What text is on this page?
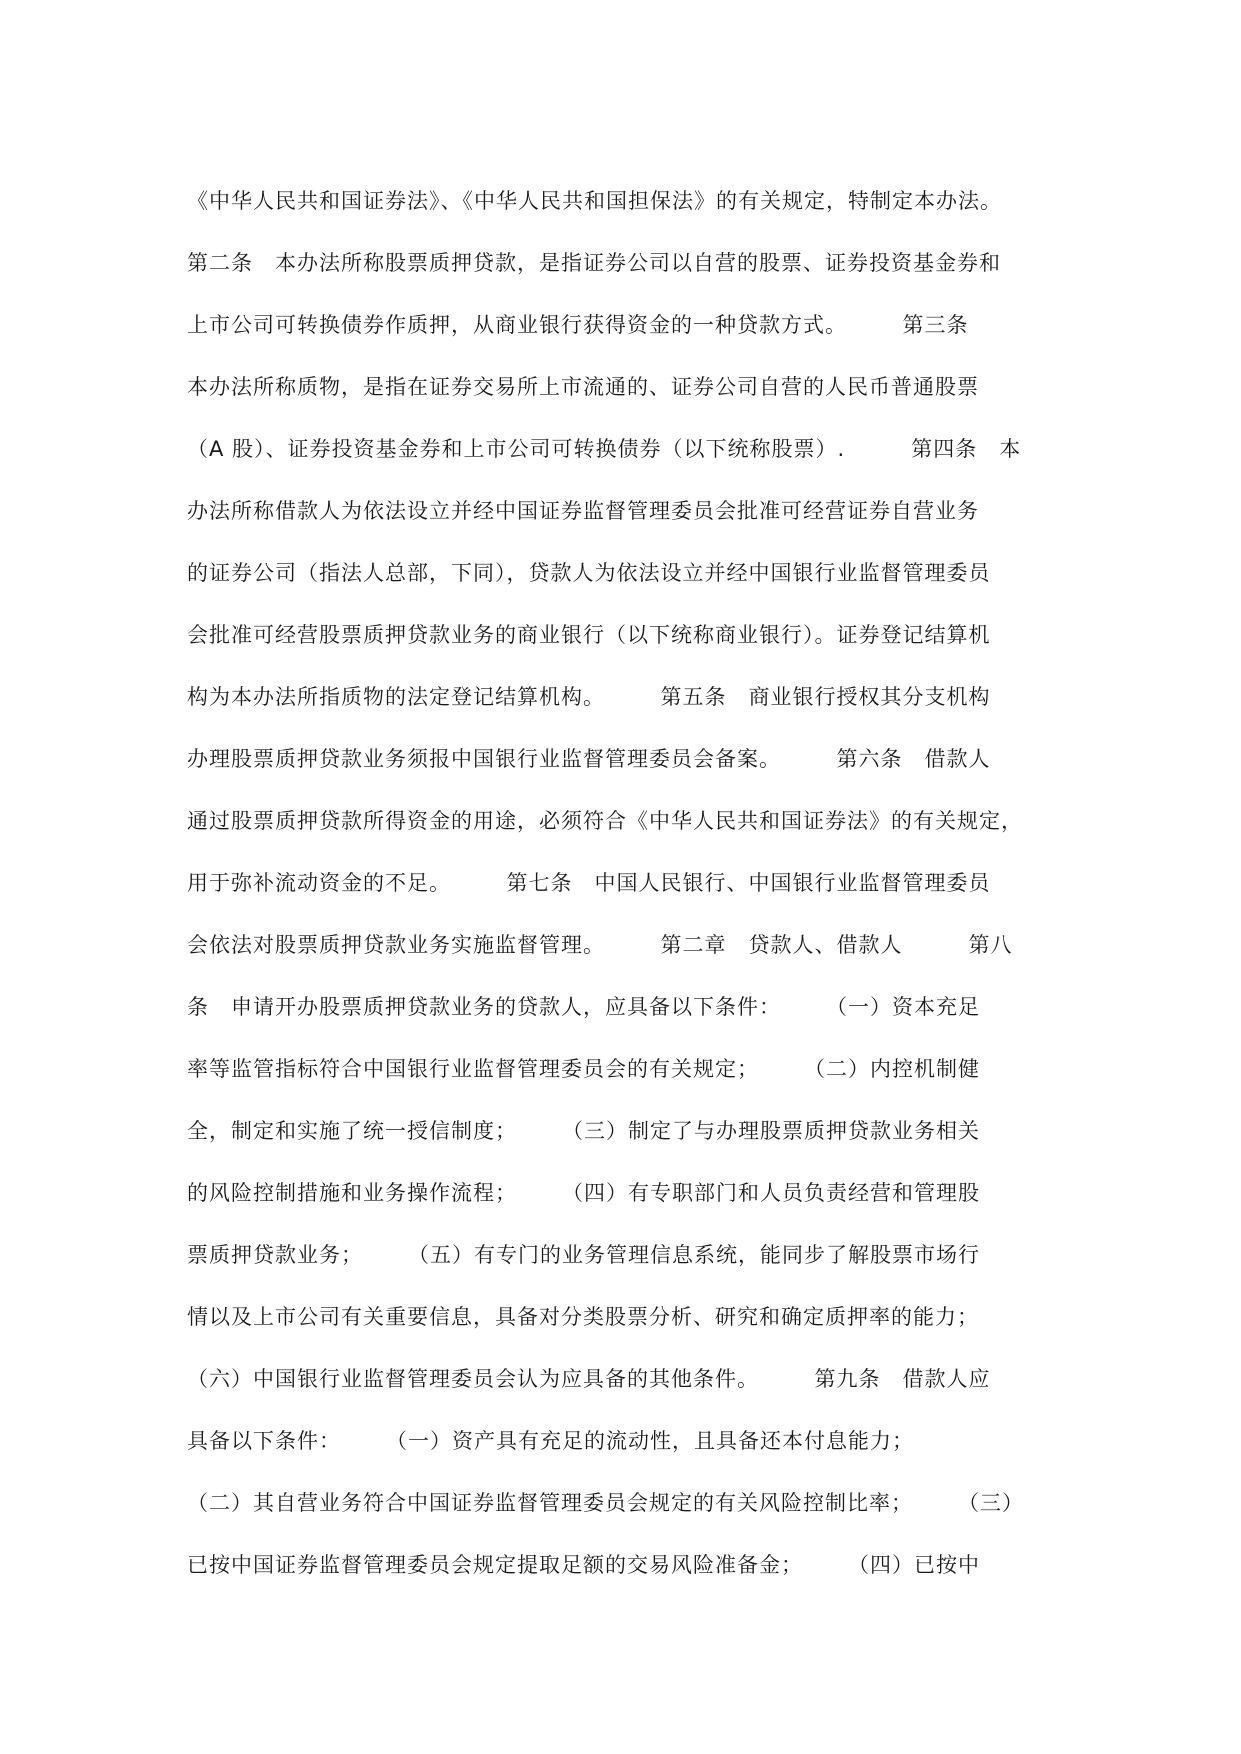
《中华人民共和国证券法》、《中华人民共和国担保法》的有关规定，特制定本办法。
第二条　本办法所称股票质押贷款，是指证券公司以自营的股票、证券投资基金券和
上市公司可转换债券作质押，从商业银行获得资金的一种贷款方式。　　　第三条
本办法所称质物，是指在证券交易所上市流通的、证券公司自营的人民币普通股票
（A 股）、证券投资基金券和上市公司可转换债券（以下统称股票）.　　　第四条　本
办法所称借款人为依法设立并经中国证券监督管理委员会批准可经营证券自营业务
的证券公司（指法人总部，下同），贷款人为依法设立并经中国银行业监督管理委员
会批准可经营股票质押贷款业务的商业银行（以下统称商业银行）。证券登记结算机
构为本办法所指质物的法定登记结算机构。　　　第五条　商业银行授权其分支机构
办理股票质押贷款业务须报中国银行业监督管理委员会备案。　　　第六条　借款人
通过股票质押贷款所得资金的用途，必须符合《中华人民共和国证券法》的有关规定，
用于弥补流动资金的不足。　　　第七条　中国人民银行、中国银行业监督管理委员
会依法对股票质押贷款业务实施监督管理。　　　第二章　贷款人、借款人　　　第八
条　申请开办股票质押贷款业务的贷款人，应具备以下条件：　　　（一）资本充足
率等监管指标符合中国银行业监督管理委员会的有关规定；　　　（二）内控机制健
全，制定和实施了统一授信制度；　　　（三）制定了与办理股票质押贷款业务相关
的风险控制措施和业务操作流程；　　　（四）有专职部门和人员负责经营和管理股
票质押贷款业务；　　　（五）有专门的业务管理信息系统，能同步了解股票市场行
情以及上市公司有关重要信息，具备对分类股票分析、研究和确定质押率的能力；
（六）中国银行业监督管理委员会认为应具备的其他条件。　　　第九条　借款人应
具备以下条件：　　　（一）资产具有充足的流动性，且具备还本付息能力；
（二）其自营业务符合中国证券监督管理委员会规定的有关风险控制比率；　　　（三）
已按中国证券监督管理委员会规定提取足额的交易风险准备金；　　　（四）已按中
